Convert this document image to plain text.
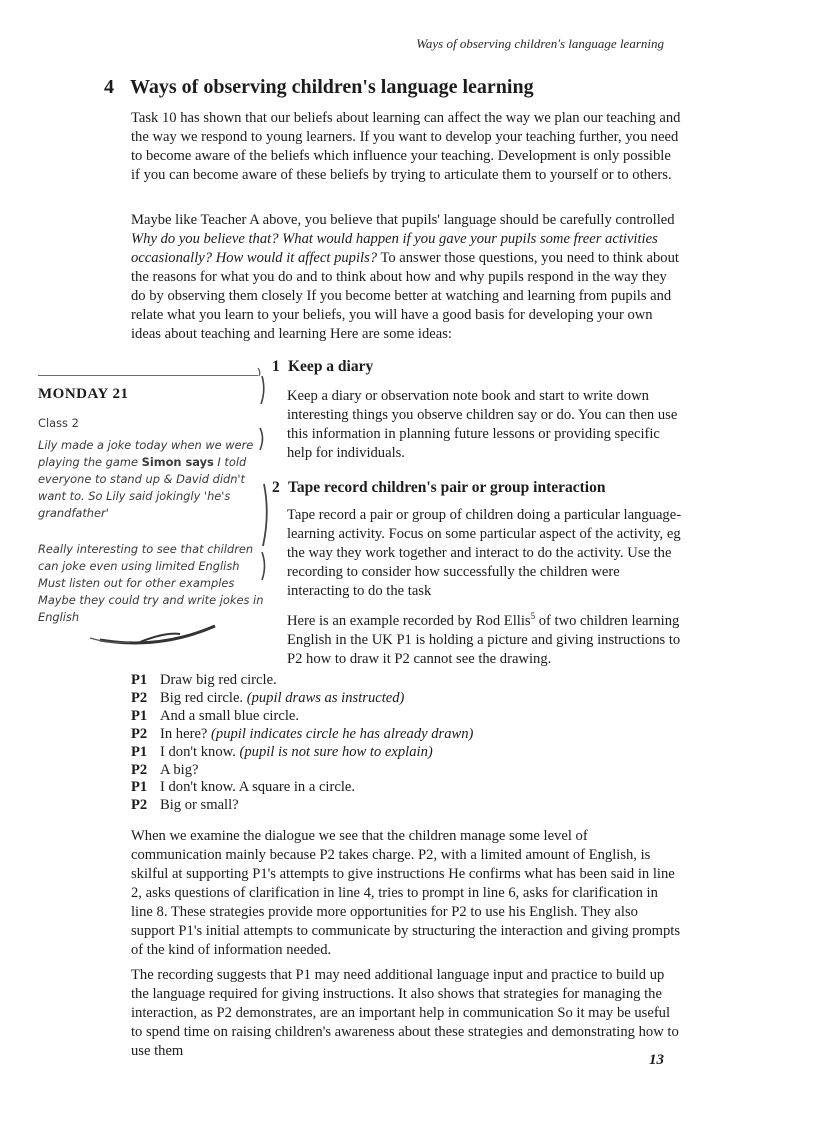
Ways of observing children's language learning
4 Ways of observing children's language learning

Task 10 has shown that our beliefs about learning can affect the way we plan our teaching and the way we respond to young learners. If you want to develop your teaching further, you need to become aware of the beliefs which influence your teaching. Development is only possible if you can become aware of these beliefs by trying to articulate them to yourself or to others.

Maybe like Teacher A above, you believe that pupils' language should be carefully controlled Why do you believe that? What would happen if you gave your pupils some freer activities occasionally? How would it affect pupils? To answer those questions, you need to think about the reasons for what you do and to think about how and why pupils respond in the way they do by observing them closely If you become better at watching and learning from pupils and relate what you learn to your beliefs, you will have a good basis for developing your own ideas about teaching and learning Here are some ideas:

MONDAY 21
Class 2
Lily made a joke today when we were playing the game Simon says I told everyone to stand up & David didn't want to. So Lily said jokingly 'he's grandfather'
Really interesting to see that children can joke even using limited English Must listen out for other examples Maybe they could try and write jokes in English
1 Keep a diary

Keep a diary or observation note book and start to write down interesting things you observe children say or do. You can then use this information in planning future lessons or providing specific help for individuals.

2 Tape record children's pair or group interaction

Tape record a pair or group of children doing a particular language-learning activity. Focus on some particular aspect of the activity, eg the way they work together and interact to do the activity. Use the recording to consider how successfully the children were interacting to do the task

Here is an example recorded by Rod Ellis$^5$ of two children learning English in the UK P1 is holding a picture and giving instructions to P2 how to draw it P2 cannot see the drawing.

P1 Draw big red circle.
P2 Big red circle. (pupil draws as instructed)
P1 And a small blue circle.
P2 In here? (pupil indicates circle he has already drawn)
P1 I don't know. (pupil is not sure how to explain)
P2 A big?
P1 I don't know. A square in a circle.
P2 Big or small?

When we examine the dialogue we see that the children manage some level of communication mainly because P2 takes charge. P2, with a limited amount of English, is skilful at supporting P1's attempts to give instructions He confirms what has been said in line 2, asks questions of clarification in line 4, tries to prompt in line 6, asks for clarification in line 8. These strategies provide more opportunities for P2 to use his English. They also support P1's initial attempts to communicate by structuring the interaction and giving prompts of the kind of information needed.

The recording suggests that P1 may need additional language input and practice to build up the language required for giving instructions. It also shows that strategies for managing the interaction, as P2 demonstrates, are an important help in communication So it may be useful to spend time on raising children's awareness about these strategies and demonstrating how to use them

13
